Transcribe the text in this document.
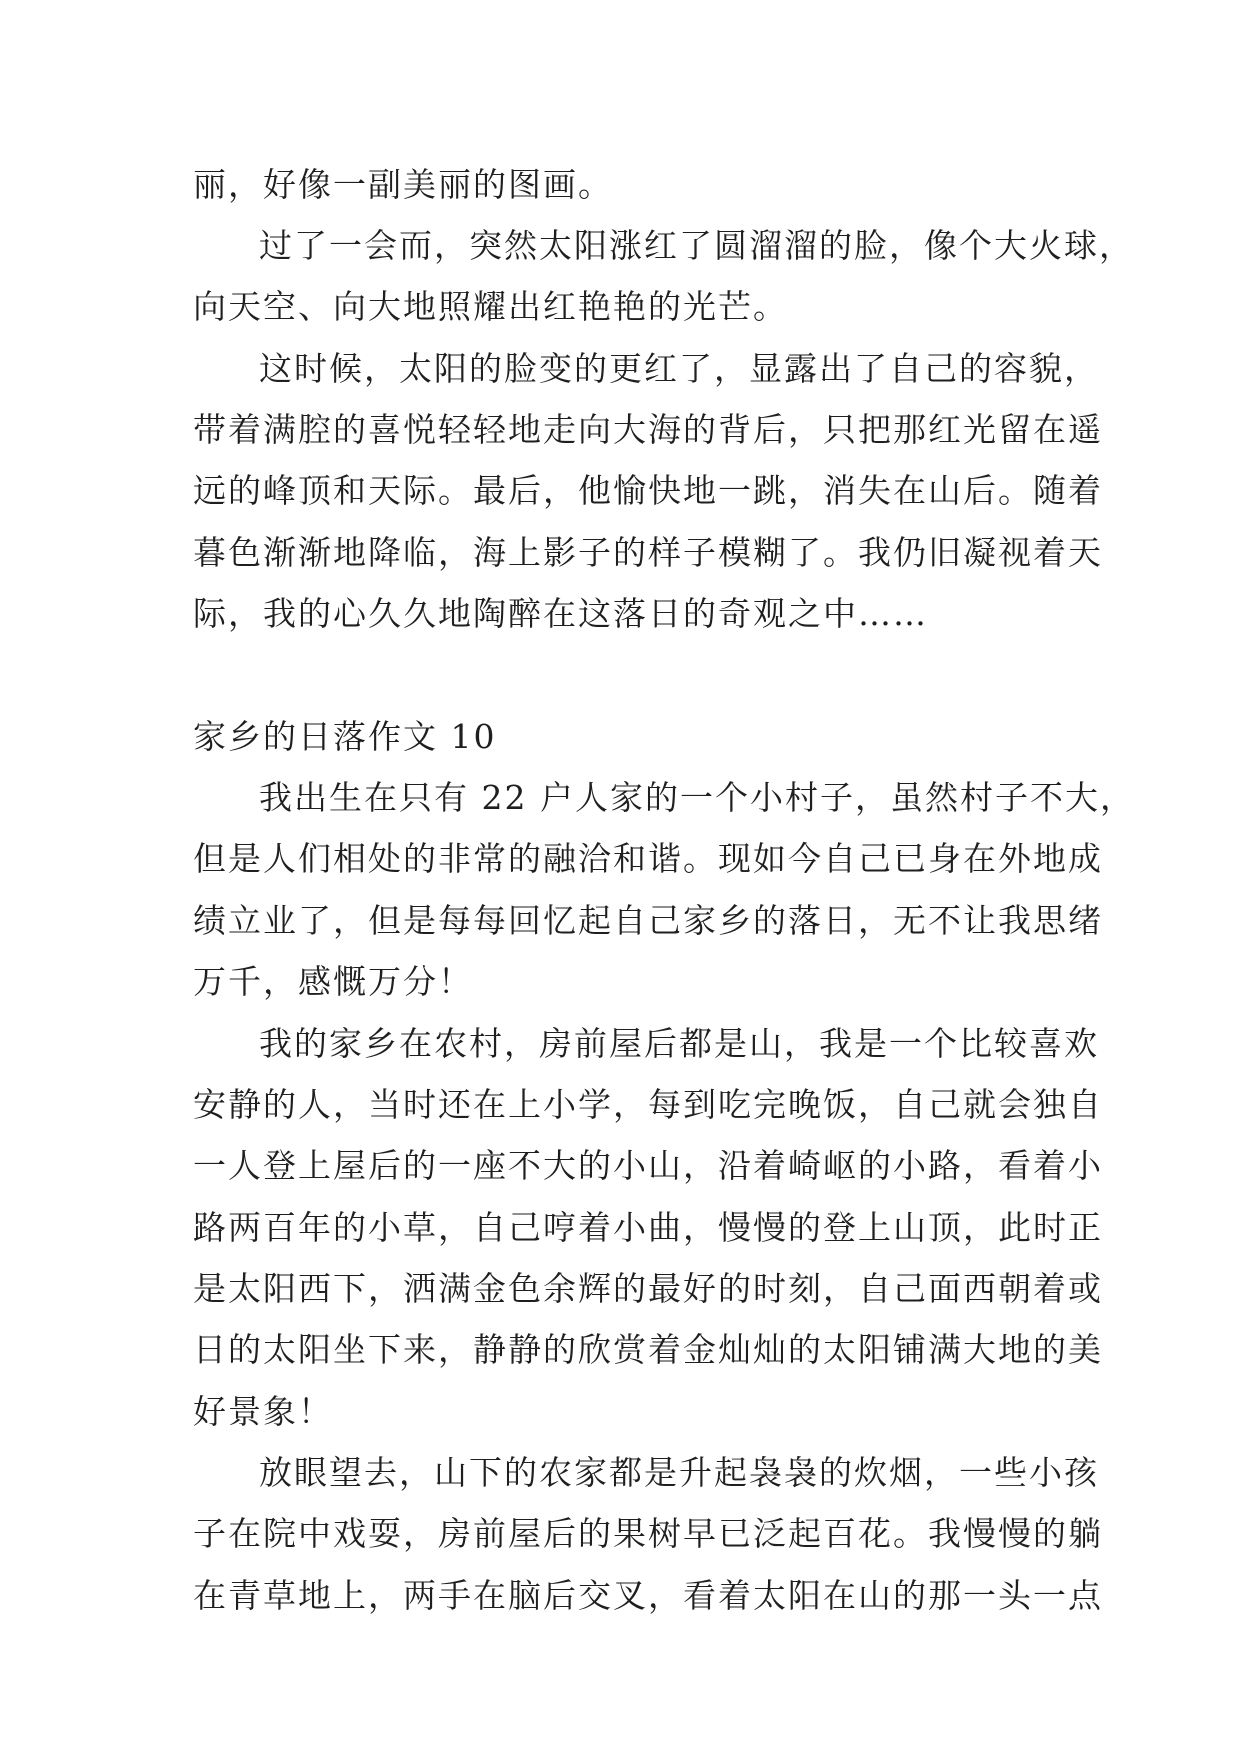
丽，好像一副美丽的图画。
过了一会而，突然太阳涨红了圆溜溜的脸，像个大火球，
向天空、向大地照耀出红艳艳的光芒。
这时候，太阳的脸变的更红了，显露出了自己的容貌，
带着满腔的喜悦轻轻地走向大海的背后，只把那红光留在遥
远的峰顶和天际。最后，他愉快地一跳，消失在山后。随着
暮色渐渐地降临，海上影子的样子模糊了。我仍旧凝视着天
际，我的心久久地陶醉在这落日的奇观之中……
家乡的日落作文 10
我出生在只有 22 户人家的一个小村子，虽然村子不大，
但是人们相处的非常的融洽和谐。现如今自己已身在外地成
绩立业了，但是每每回忆起自己家乡的落日，无不让我思绪
万千，感慨万分！
我的家乡在农村，房前屋后都是山，我是一个比较喜欢
安静的人，当时还在上小学，每到吃完晚饭，自己就会独自
一人登上屋后的一座不大的小山，沿着崎岖的小路，看着小
路两百年的小草，自己哼着小曲，慢慢的登上山顶，此时正
是太阳西下，洒满金色余辉的最好的时刻，自己面西朝着或
日的太阳坐下来，静静的欣赏着金灿灿的太阳铺满大地的美
好景象！
放眼望去，山下的农家都是升起袅袅的炊烟，一些小孩
子在院中戏耍，房前屋后的果树早已泛起百花。我慢慢的躺
在青草地上，两手在脑后交叉，看着太阳在山的那一头一点
